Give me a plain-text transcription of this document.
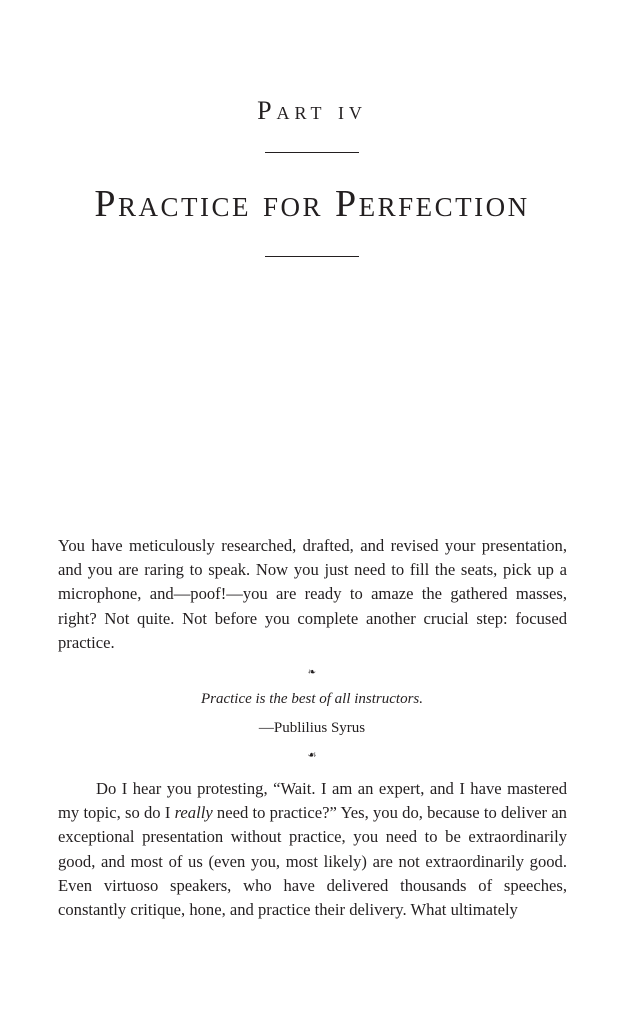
Part iv
Practice for Perfection

You have meticulously researched, drafted, and revised your presentation, and you are raring to speak. Now you just need to fill the seats, pick up a microphone, and—poof!—you are ready to amaze the gathered masses, right? Not quite. Not before you complete another crucial step: focused practice.

❧
Practice is the best of all instructors.
—Publilius Syrus
☙

Do I hear you protesting, “Wait. I am an expert, and I have mastered my topic, so do I really need to practice?” Yes, you do, because to deliver an exceptional presentation without practice, you need to be extraordinarily good, and most of us (even you, most likely) are not extraordinarily good. Even virtuoso speakers, who have delivered thousands of speeches, constantly critique, hone, and practice their delivery. What ultimately
